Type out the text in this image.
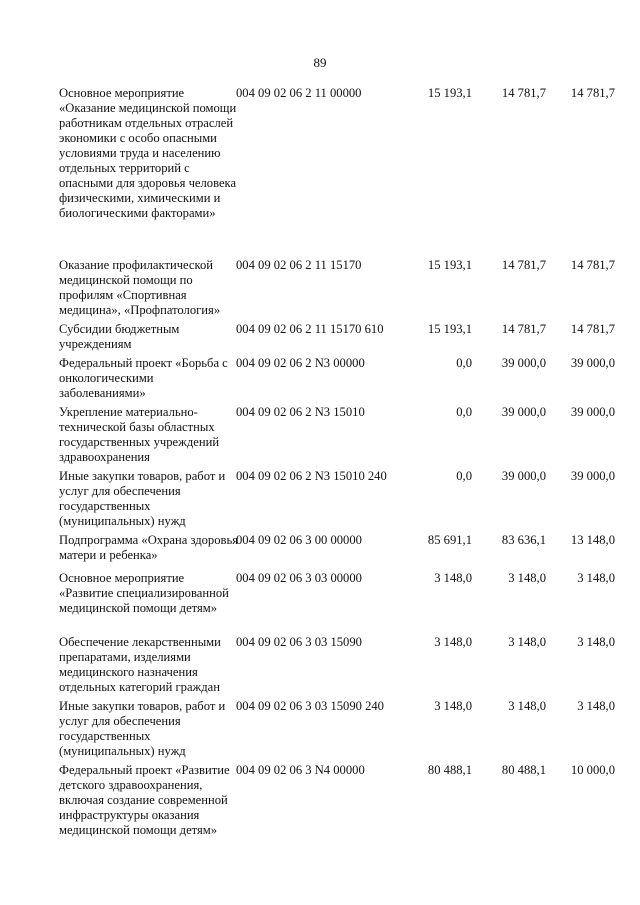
89
Основное мероприятие «Оказание медицинской помощи работникам отдельных отраслей экономики с особо опасными условиями труда и населению отдельных территорий с опасными для здоровья человека физическими, химическими и биологическими факторами»
004 09 02 06 2 11 00000	15 193,1	14 781,7	14 781,7
Оказание профилактической медицинской помощи по профилям «Спортивная медицина», «Профпатология»
004 09 02 06 2 11 15170	15 193,1	14 781,7	14 781,7
Субсидии бюджетным учреждениям
004 09 02 06 2 11 15170 610	15 193,1	14 781,7	14 781,7
Федеральный проект «Борьба с онкологическими заболеваниями»
004 09 02 06 2 N3 00000	0,0	39 000,0	39 000,0
Укрепление материально-технической базы областных государственных учреждений здравоохранения
004 09 02 06 2 N3 15010	0,0	39 000,0	39 000,0
Иные закупки товаров, работ и услуг для обеспечения государственных (муниципальных) нужд
004 09 02 06 2 N3 15010 240	0,0	39 000,0	39 000,0
Подпрограмма «Охрана здоровья матери и ребенка»
004 09 02 06 3 00 00000	85 691,1	83 636,1	13 148,0
Основное мероприятие «Развитие специализированной медицинской помощи детям»
004 09 02 06 3 03 00000	3 148,0	3 148,0	3 148,0
Обеспечение лекарственными препаратами, изделиями медицинского назначения отдельных категорий граждан
004 09 02 06 3 03 15090	3 148,0	3 148,0	3 148,0
Иные закупки товаров, работ и услуг для обеспечения государственных (муниципальных) нужд
004 09 02 06 3 03 15090 240	3 148,0	3 148,0	3 148,0
Федеральный проект «Развитие детского здравоохранения, включая создание современной инфраструктуры оказания медицинской помощи детям»
004 09 02 06 3 N4 00000	80 488,1	80 488,1	10 000,0
